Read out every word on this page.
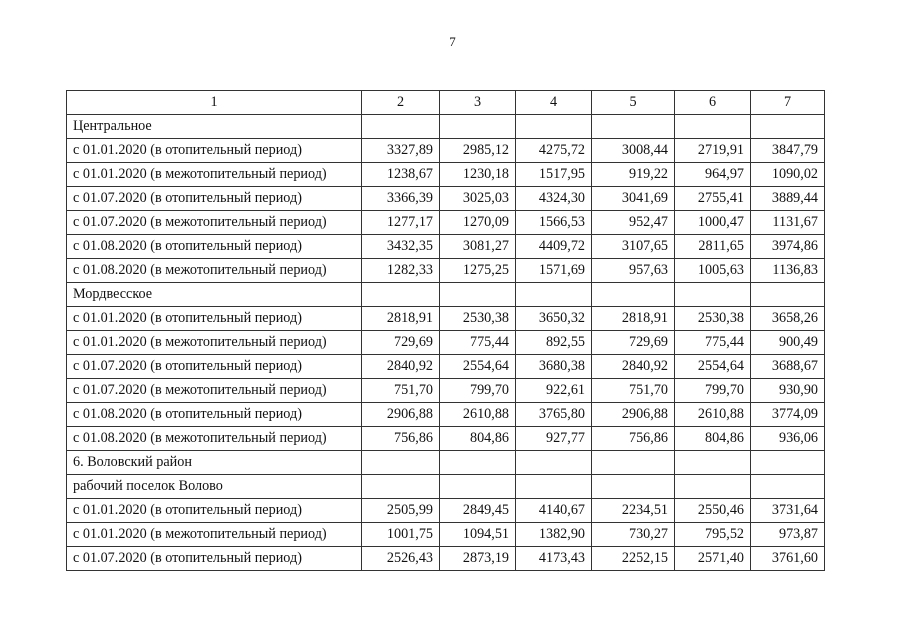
7
1	2	3	4	5	6	7
Центральное						
с 01.01.2020 (в отопительный период)	3327,89	2985,12	4275,72	3008,44	2719,91	3847,79
с 01.01.2020 (в межотопительный период)	1238,67	1230,18	1517,95	919,22	964,97	1090,02
с 01.07.2020 (в отопительный период)	3366,39	3025,03	4324,30	3041,69	2755,41	3889,44
с 01.07.2020 (в межотопительный период)	1277,17	1270,09	1566,53	952,47	1000,47	1131,67
с 01.08.2020 (в отопительный период)	3432,35	3081,27	4409,72	3107,65	2811,65	3974,86
с 01.08.2020 (в межотопительный период)	1282,33	1275,25	1571,69	957,63	1005,63	1136,83
Мордвесское						
с 01.01.2020 (в отопительный период)	2818,91	2530,38	3650,32	2818,91	2530,38	3658,26
с 01.01.2020 (в межотопительный период)	729,69	775,44	892,55	729,69	775,44	900,49
с 01.07.2020 (в отопительный период)	2840,92	2554,64	3680,38	2840,92	2554,64	3688,67
с 01.07.2020 (в межотопительный период)	751,70	799,70	922,61	751,70	799,70	930,90
с 01.08.2020 (в отопительный период)	2906,88	2610,88	3765,80	2906,88	2610,88	3774,09
с 01.08.2020 (в межотопительный период)	756,86	804,86	927,77	756,86	804,86	936,06
6. Воловский район						
рабочий поселок Волово						
с 01.01.2020 (в отопительный период)	2505,99	2849,45	4140,67	2234,51	2550,46	3731,64
с 01.01.2020 (в межотопительный период)	1001,75	1094,51	1382,90	730,27	795,52	973,87
с 01.07.2020 (в отопительный период)	2526,43	2873,19	4173,43	2252,15	2571,40	3761,60
